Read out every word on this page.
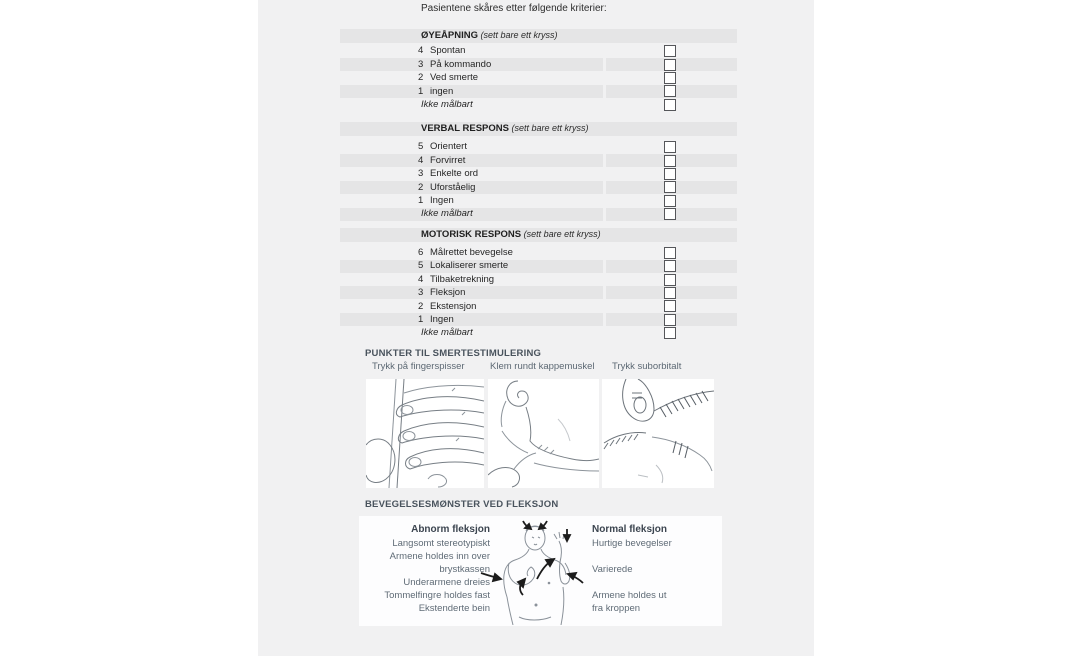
Pasientene skåres etter følgende kriterier:
ØYEÅPNING (sett bare ett kryss)
4 Spontan
3 På kommando
2 Ved smerte
1 ingen
Ikke målbart
VERBAL RESPONS (sett bare ett kryss)
5 Orientert
4 Forvirret
3 Enkelte ord
2 Uforståelig
1 Ingen
Ikke målbart
MOTORISK RESPONS (sett bare ett kryss)
6 Målrettet bevegelse
5 Lokaliserer smerte
4 Tilbaketrekning
3 Fleksjon
2 Ekstensjon
1 Ingen
Ikke målbart
PUNKTER TIL SMERTESTIMULERING
Trykk på fingerspisser	Klem rundt kappemuskel Trykk suborbitalt
BEVEGELSESMØNSTER VED FLEKSJON
Abnorm fleksjon
Langsomt stereotypiskt
Armene holdes inn over
brystkassen
Underarmene dreies
Tommelfingre holdes fast
Ekstenderte bein
Normal fleksjon
Hurtige bevegelser
Varierede
Armene holdes ut
fra kroppen
